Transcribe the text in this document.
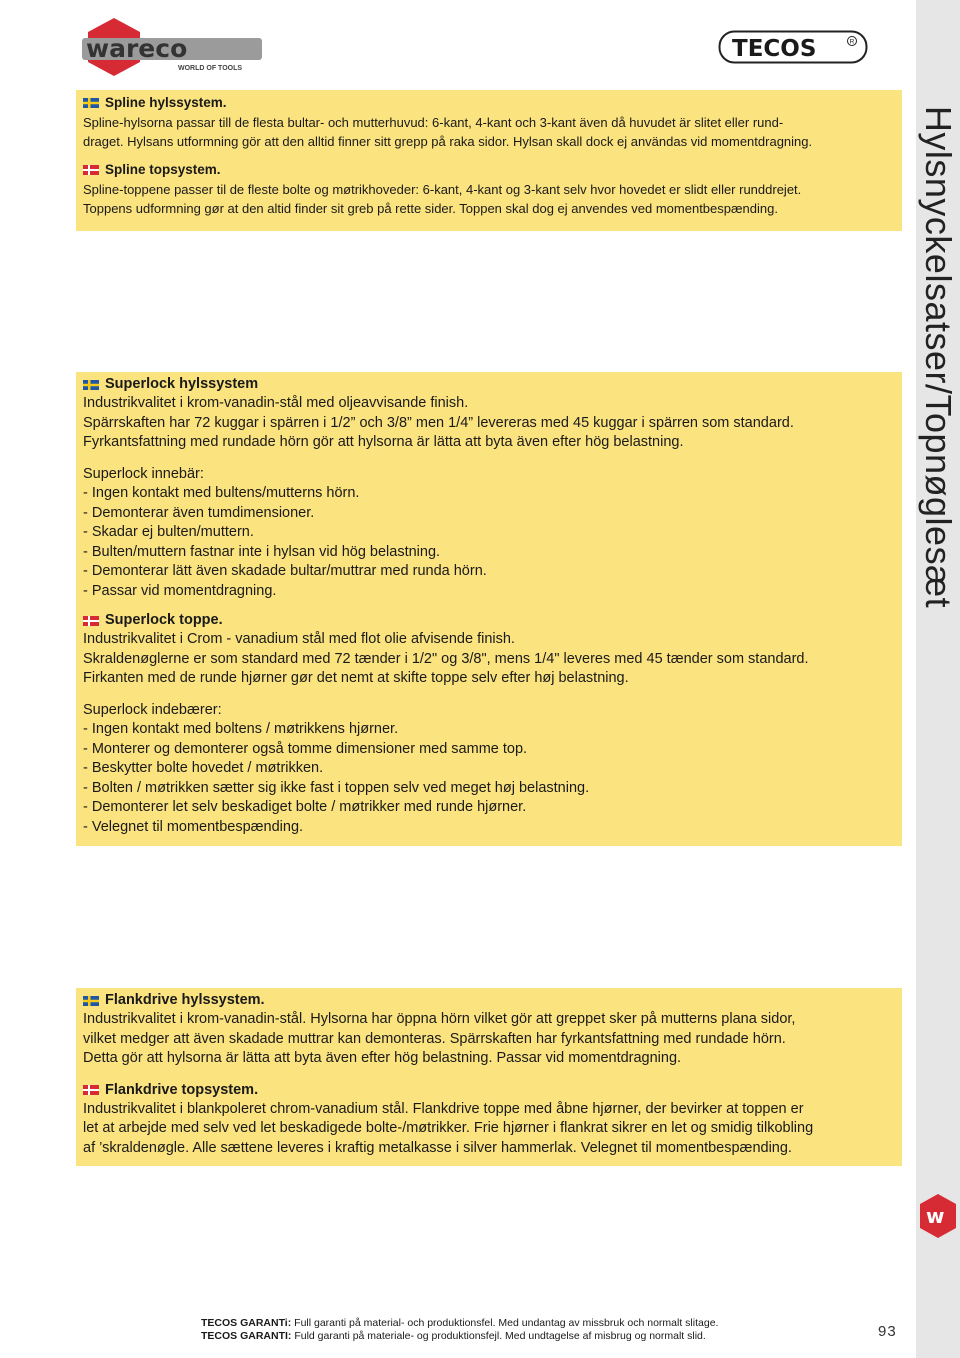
wareco
WORLD OF TOOLS
TECOS	R
Hylsnyckelsatser/Topnøglesæt
w
Spline hylssystem.

Spline-hylsorna passar till de flesta bultar- och mutterhuvud: 6-kant, 4-kant och 3-kant även då huvudet är slitet eller rund-

draget. Hylsans utformning gör att den alltid finner sitt grepp på raka sidor. Hylsan skall dock ej användas vid momentdragning.

Spline topsystem.

Spline-toppene passer til de fleste bolte og møtrikhoveder: 6-kant, 4-kant og 3-kant selv hvor hovedet er slidt eller runddrejet.

Toppens udformning gør at den altid finder sit greb på rette sider. Toppen skal dog ej anvendes ved momentbespænding.

Superlock hylssystem

Industrikvalitet i krom-vanadin-stål med oljeavvisande finish.

Spärrskaften har 72 kuggar i spärren i 1/2” och 3/8” men 1/4” levereras med 45 kuggar i spärren som standard.

Fyrkantsfattning med rundade hörn gör att hylsorna är lätta att byta även efter hög belastning.

Superlock innebär:

- Ingen kontakt med bultens/mutterns hörn.

- Demonterar även tumdimensioner.

- Skadar ej bulten/muttern.

- Bulten/muttern fastnar inte i hylsan vid hög belastning.

- Demonterar lätt även skadade bultar/muttrar med runda hörn.

- Passar vid momentdragning.

Superlock toppe.

Industrikvalitet i Crom - vanadium stål med flot olie afvisende finish.

Skraldenøglerne er som standard med 72 tænder i 1/2" og 3/8", mens 1/4" leveres med 45 tænder som standard.

Firkanten med de runde hjørner gør det nemt at skifte toppe selv efter høj belastning.

Superlock indebærer:

- Ingen kontakt med boltens / møtrikkens hjørner.

- Monterer og demonterer også tomme dimensioner med samme top.

- Beskytter bolte hovedet / møtrikken.

- Bolten / møtrikken sætter sig ikke fast i toppen selv ved meget høj belastning.

- Demonterer let selv beskadiget bolte / møtrikker med runde hjørner.

- Velegnet til momentbespænding.

Flankdrive hylssystem.

Industrikvalitet i krom-vanadin-stål. Hylsorna har öppna hörn vilket gör att greppet sker på mutterns plana sidor,

vilket medger att även skadade muttrar kan demonteras. Spärrskaften har fyrkantsfattning med rundade hörn.

Detta gör att hylsorna är lätta att byta även efter hög belastning. Passar vid momentdragning.

Flankdrive topsystem.

Industrikvalitet i blankpoleret chrom-vanadium stål. Flankdrive toppe med åbne hjørner, der bevirker at toppen er

let at arbejde med selv ved let beskadigede bolte-/møtrikker. Frie hjørner i flankrat sikrer en let og smidig tilkobling

af ’skraldenøgle. Alle sættene leveres i kraftig metalkasse i silver hammerlak. Velegnet til momentbespænding.

TECOS GARANTi: Full garanti på material- och produktionsfel. Med undantag av missbruk och normalt slitage.
TECOS GARANTI: Fuld garanti på materiale- og produktionsfejl. Med undtagelse af misbrug og normalt slid.	93
